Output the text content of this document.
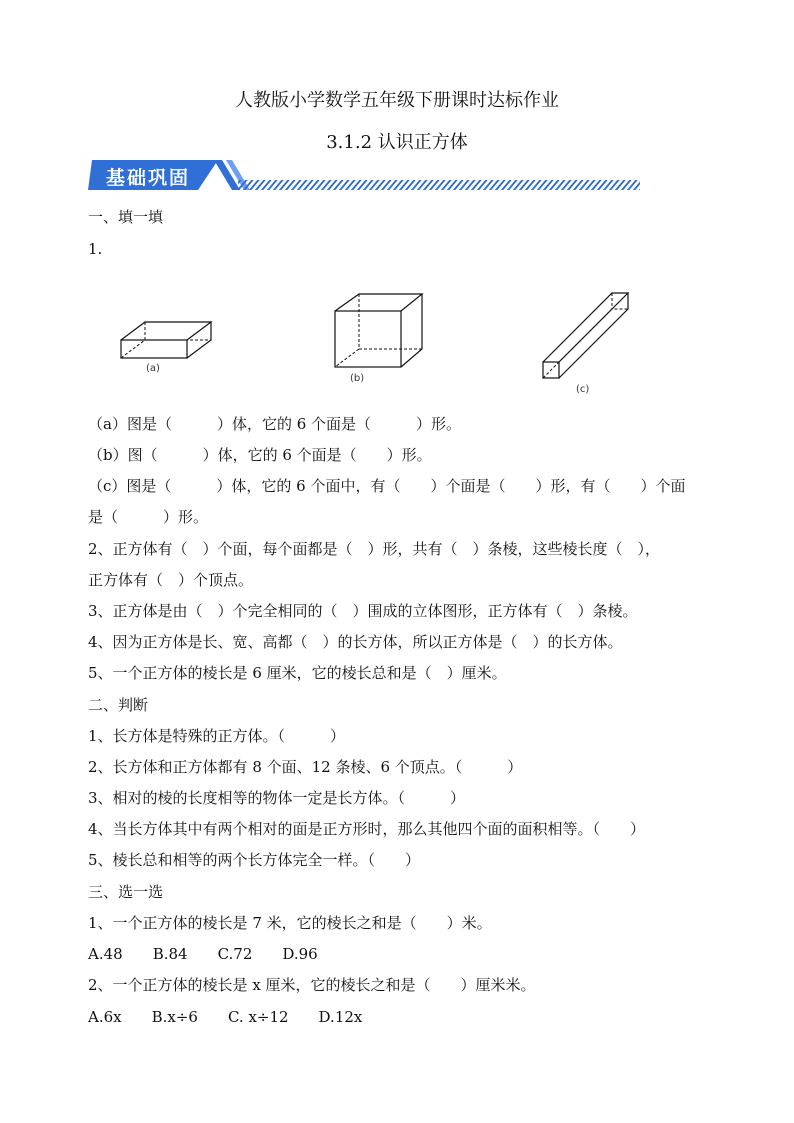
人教版小学数学五年级下册课时达标作业
3.1.2 认识正方体
基础巩固
一、填一填
1.
(a)
(b)
(c)
（a）图是（　　　）体，它的 6 个面是（　　　）形。
（b）图（　　　）体，它的 6 个面是（　　）形。
（c）图是（　　　）体，它的 6 个面中，有（　　）个面是（　　）形，有（　　）个面
是（　　　）形。
2、正方体有（　）个面，每个面都是（　）形，共有（　）条棱，这些棱长度（　），
正方体有（　）个顶点。
3、正方体是由（　）个完全相同的（　）围成的立体图形，正方体有（　）条棱。
4、因为正方体是长、宽、高都（　）的长方体，所以正方体是（　）的长方体。
5、一个正方体的棱长是 6 厘米，它的棱长总和是（　）厘米。
二、判断
1、长方体是特殊的正方体。（　　　）
2、长方体和正方体都有 8 个面、12 条棱、6 个顶点。（　　　）
3、相对的棱的长度相等的物体一定是长方体。（　　　）
4、当长方体其中有两个相对的面是正方形时，那么其他四个面的面积相等。（　　）
5、棱长总和相等的两个长方体完全一样。（　　）
三、选一选
1、一个正方体的棱长是 7 米，它的棱长之和是（　　）米。
A.48　　B.84　　C.72　　D.96
2、一个正方体的棱长是 x 厘米，它的棱长之和是（　　）厘米米。
A.6x　　B.x÷6　　C. x÷12　　D.12x
